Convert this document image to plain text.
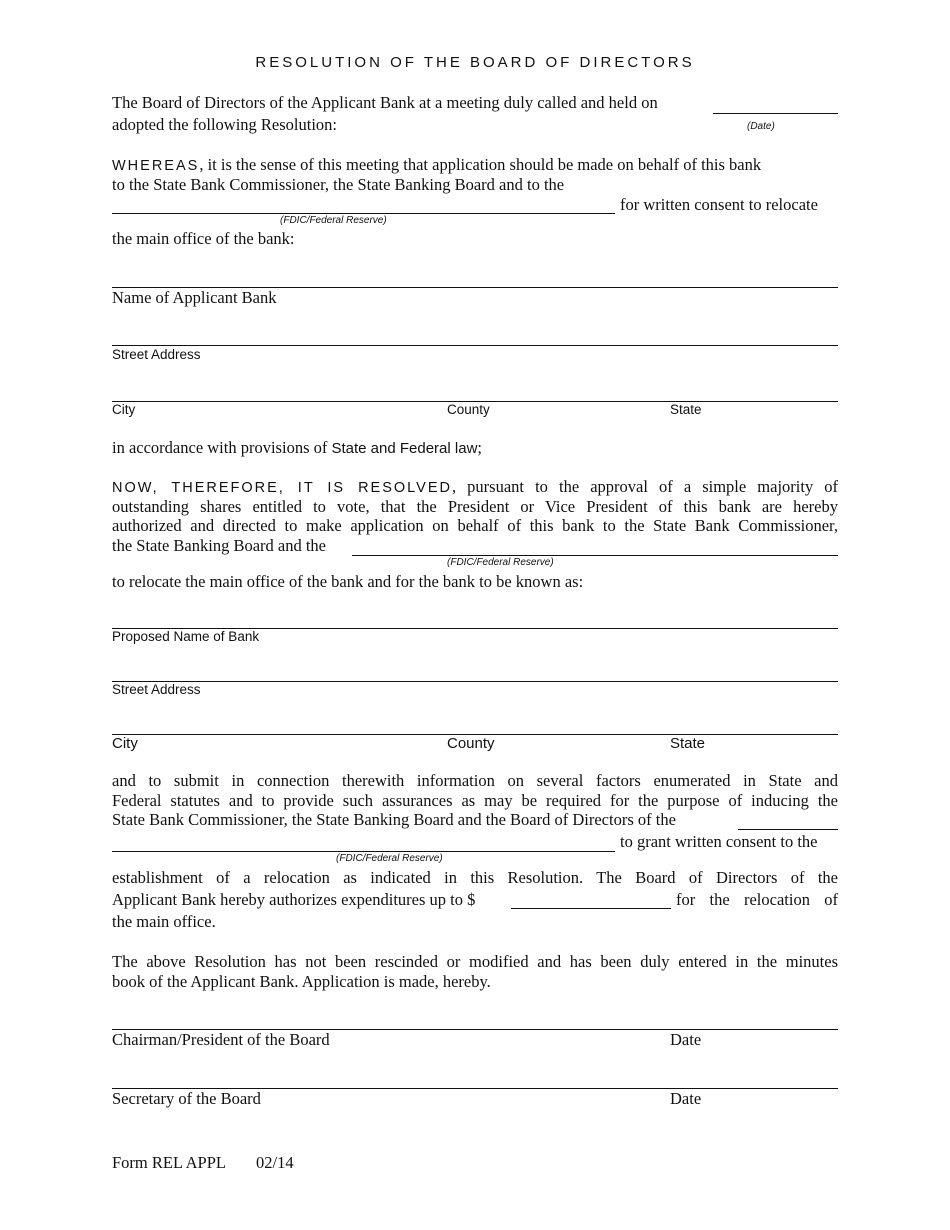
RESOLUTION OF THE BOARD OF DIRECTORS
The Board of Directors of the Applicant Bank at a meeting duly called and held on
adopted the following Resolution:	(Date)
WHEREAS, it is the sense of this meeting that application should be made on behalf of this bank
to the State Bank Commissioner, the State Banking Board and to the
for written consent to relocate
(FDIC/Federal Reserve)
the main office of the bank:
Name of Applicant Bank
Street Address
City	County	State
in accordance with provisions of State and Federal law;
NOW, THEREFORE, IT IS RESOLVED, pursuant to the approval of a simple majority of
outstanding shares entitled to vote, that the President or Vice President of this bank are hereby
authorized and directed to make application on behalf of this bank to the State Bank Commissioner,
the State Banking Board and the
(FDIC/Federal Reserve)
to relocate the main office of the bank and for the bank to be known as:
Proposed Name of Bank
Street Address
City	County	State
and to submit in connection therewith information on several factors enumerated in State and
Federal statutes and to provide such assurances as may be required for the purpose of inducing the
State Bank Commissioner, the State Banking Board and the Board of Directors of the
to grant written consent to the
(FDIC/Federal Reserve)
establishment of a relocation as indicated in this Resolution. The Board of Directors of the
Applicant Bank hereby authorizes expenditures up to $	for the relocation of
the main office.
The above Resolution has not been rescinded or modified and has been duly entered in the minutes
book of the Applicant Bank. Application is made, hereby.
Chairman/President of the Board	Date
Secretary of the Board	Date
Form REL APPL 02/14
